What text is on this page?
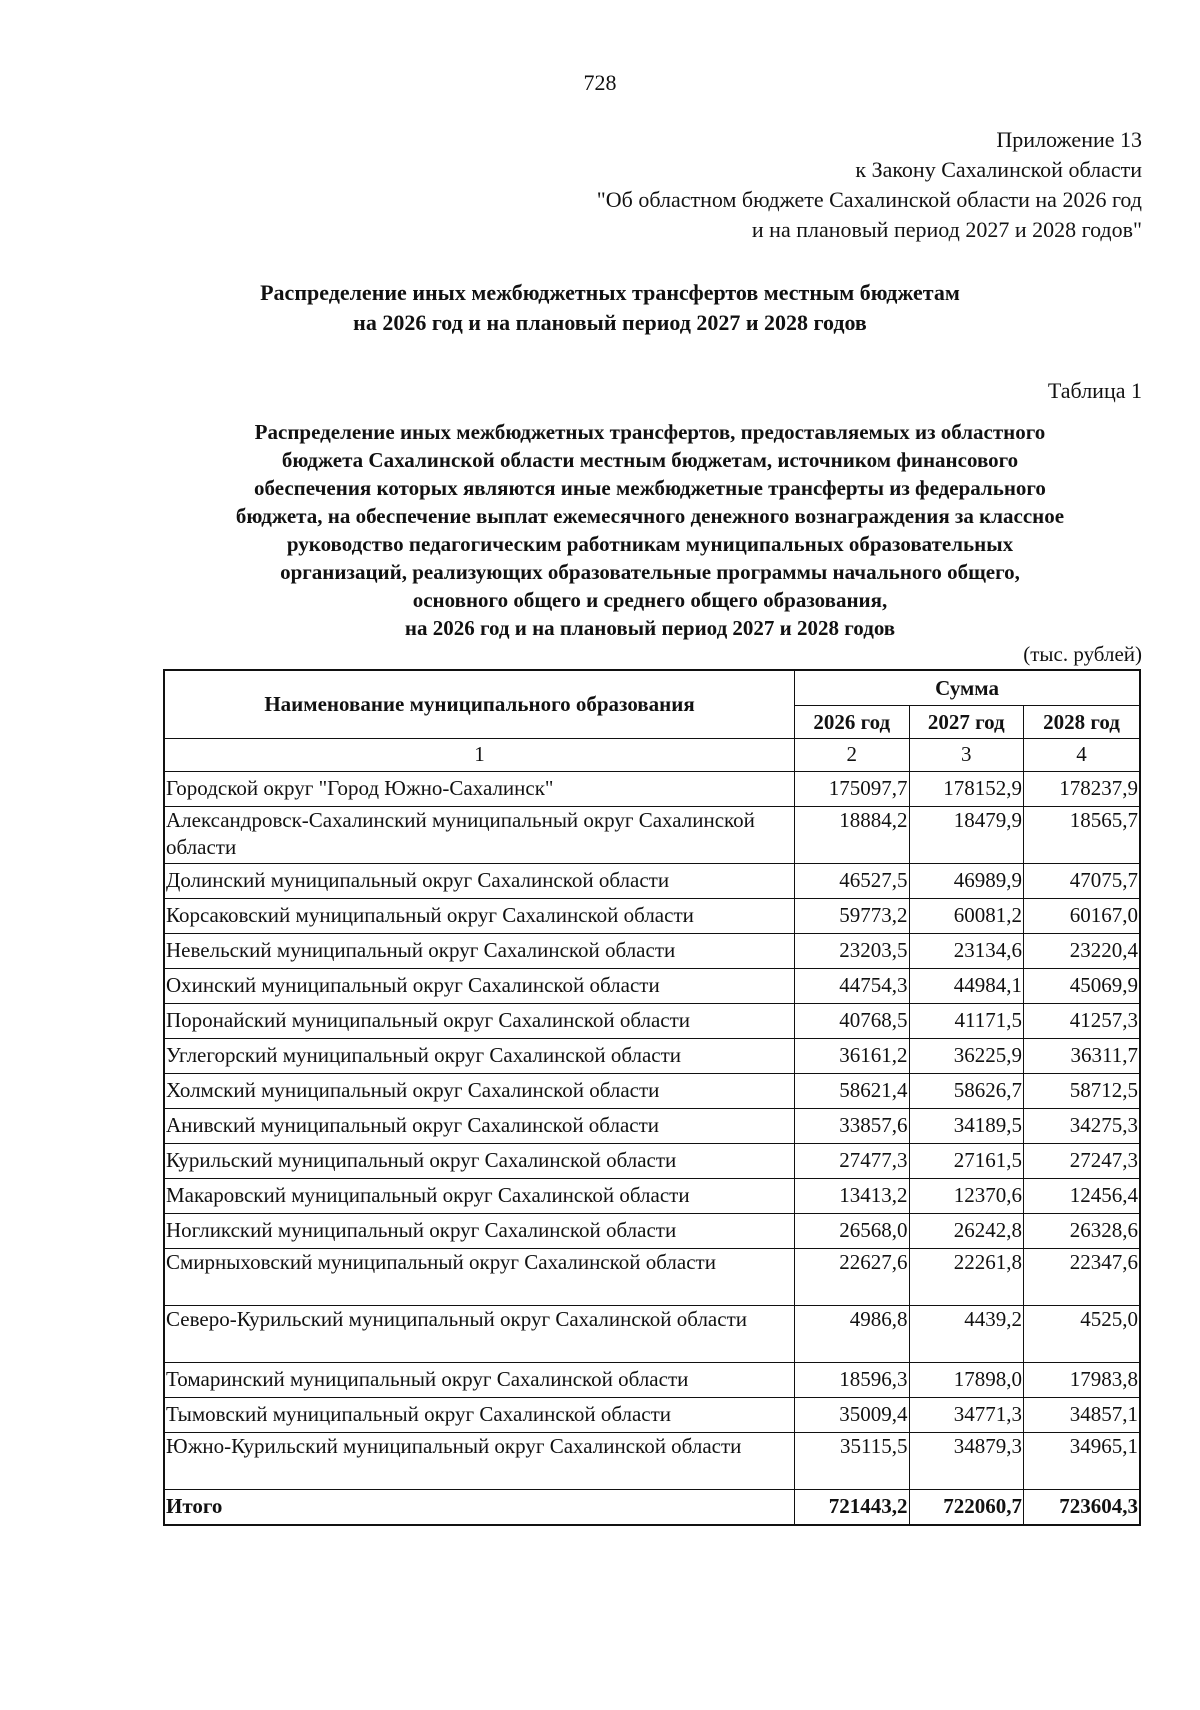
728
Приложение 13
к Закону Сахалинской области
"Об областном бюджете Сахалинской области на 2026 год
и на плановый период 2027 и 2028 годов"
Распределение иных межбюджетных трансфертов местным бюджетам
на 2026 год и на плановый период 2027 и 2028 годов
Таблица 1
Распределение иных межбюджетных трансфертов, предоставляемых из областного
бюджета Сахалинской области местным бюджетам, источником финансового
обеспечения которых являются иные межбюджетные трансферты из федерального
бюджета, на обеспечение выплат ежемесячного денежного вознаграждения за классное
руководство педагогическим работникам муниципальных образовательных
организаций, реализующих образовательные программы начального общего,
основного общего и среднего общего образования,
на 2026 год и на плановый период 2027 и 2028 годов
(тыс. рублей)
Наименование муниципального образования	Сумма		
	2026 год	2027 год	2028 год
1	2	3	4
Городской округ "Город Южно-Сахалинск"	175097,7	178152,9	178237,9
Александровск-Сахалинский муниципальный округ Сахалинской области	18884,2	18479,9	18565,7
Долинский муниципальный округ Сахалинской области	46527,5	46989,9	47075,7
Корсаковский муниципальный округ Сахалинской области	59773,2	60081,2	60167,0
Невельский муниципальный округ Сахалинской области	23203,5	23134,6	23220,4
Охинский муниципальный округ Сахалинской области	44754,3	44984,1	45069,9
Поронайский муниципальный округ Сахалинской области	40768,5	41171,5	41257,3
Углегорский муниципальный округ Сахалинской области	36161,2	36225,9	36311,7
Холмский муниципальный округ Сахалинской области	58621,4	58626,7	58712,5
Анивский муниципальный округ Сахалинской области	33857,6	34189,5	34275,3
Курильский муниципальный округ Сахалинской области	27477,3	27161,5	27247,3
Макаровский муниципальный округ Сахалинской области	13413,2	12370,6	12456,4
Ногликский муниципальный округ Сахалинской области	26568,0	26242,8	26328,6
Смирныховский муниципальный округ Сахалинской области	22627,6	22261,8	22347,6
Северо-Курильский муниципальный округ Сахалинской области	4986,8	4439,2	4525,0
Томаринский муниципальный округ Сахалинской области	18596,3	17898,0	17983,8
Тымовский муниципальный округ Сахалинской области	35009,4	34771,3	34857,1
Южно-Курильский муниципальный округ Сахалинской области	35115,5	34879,3	34965,1
Итого	721443,2	722060,7	723604,3
